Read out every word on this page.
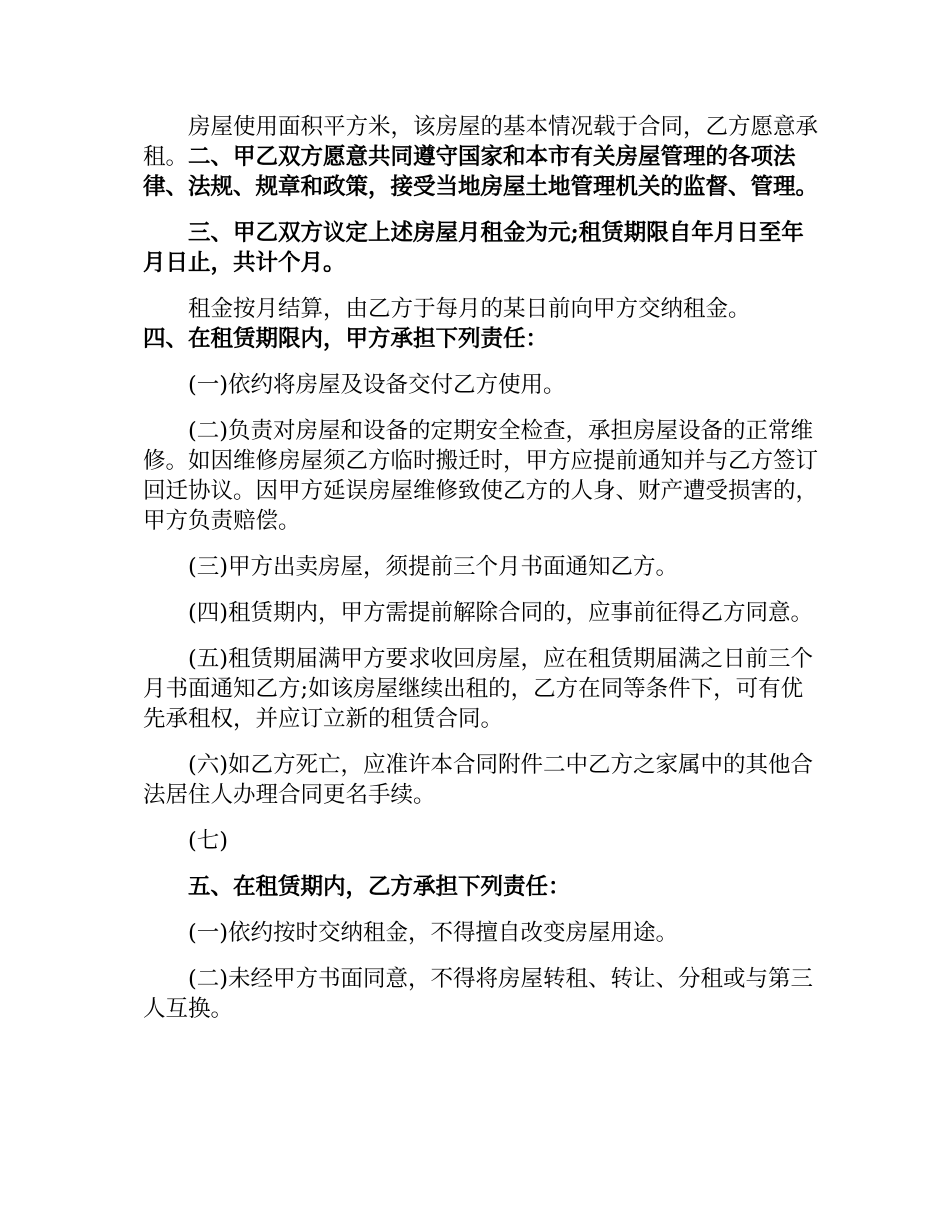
房屋使用面积平方米，该房屋的基本情况载于合同，乙方愿意承租。二、甲乙双方愿意共同遵守国家和本市有关房屋管理的各项法律、法规、规章和政策，接受当地房屋土地管理机关的监督、管理。

三、甲乙双方议定上述房屋月租金为元;租赁期限自年月日至年月日止，共计个月。

租金按月结算，由乙方于每月的某日前向甲方交纳租金。

四、在租赁期限内，甲方承担下列责任：

(一)依约将房屋及设备交付乙方使用。

(二)负责对房屋和设备的定期安全检查，承担房屋设备的正常维修。如因维修房屋须乙方临时搬迁时，甲方应提前通知并与乙方签订回迁协议。因甲方延误房屋维修致使乙方的人身、财产遭受损害的，甲方负责赔偿。

(三)甲方出卖房屋，须提前三个月书面通知乙方。

(四)租赁期内，甲方需提前解除合同的，应事前征得乙方同意。

(五)租赁期届满甲方要求收回房屋，应在租赁期届满之日前三个月书面通知乙方;如该房屋继续出租的，乙方在同等条件下，可有优先承租权，并应订立新的租赁合同。

(六)如乙方死亡，应准许本合同附件二中乙方之家属中的其他合法居住人办理合同更名手续。

(七)

五、在租赁期内，乙方承担下列责任：

(一)依约按时交纳租金，不得擅自改变房屋用途。

(二)未经甲方书面同意，不得将房屋转租、转让、分租或与第三人互换。
